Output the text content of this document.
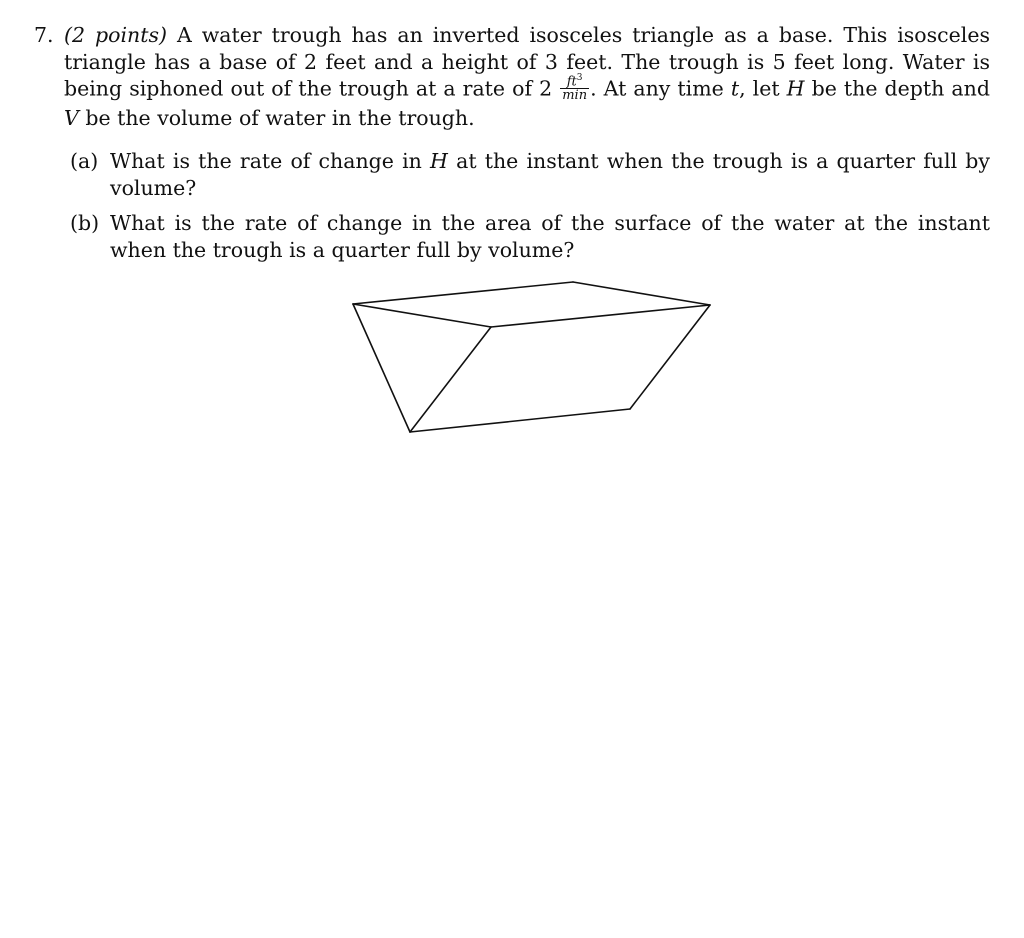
7. (2 points) A water trough has an inverted isosceles triangle as a base. This isosceles triangle has a base of 2 feet and a height of 3 feet. The trough is 5 feet long. Water is being siphoned out of the trough at a rate of $2 \frac{ft^3}{\min}$ . At any time t, let H be the depth and V be the volume of water in the trough.
(a) What is the rate of change in H at the instant when the trough is a quarter full by volume?
(b) What is the rate of change in the area of the surface of the water at the instant when the trough is a quarter full by volume?
